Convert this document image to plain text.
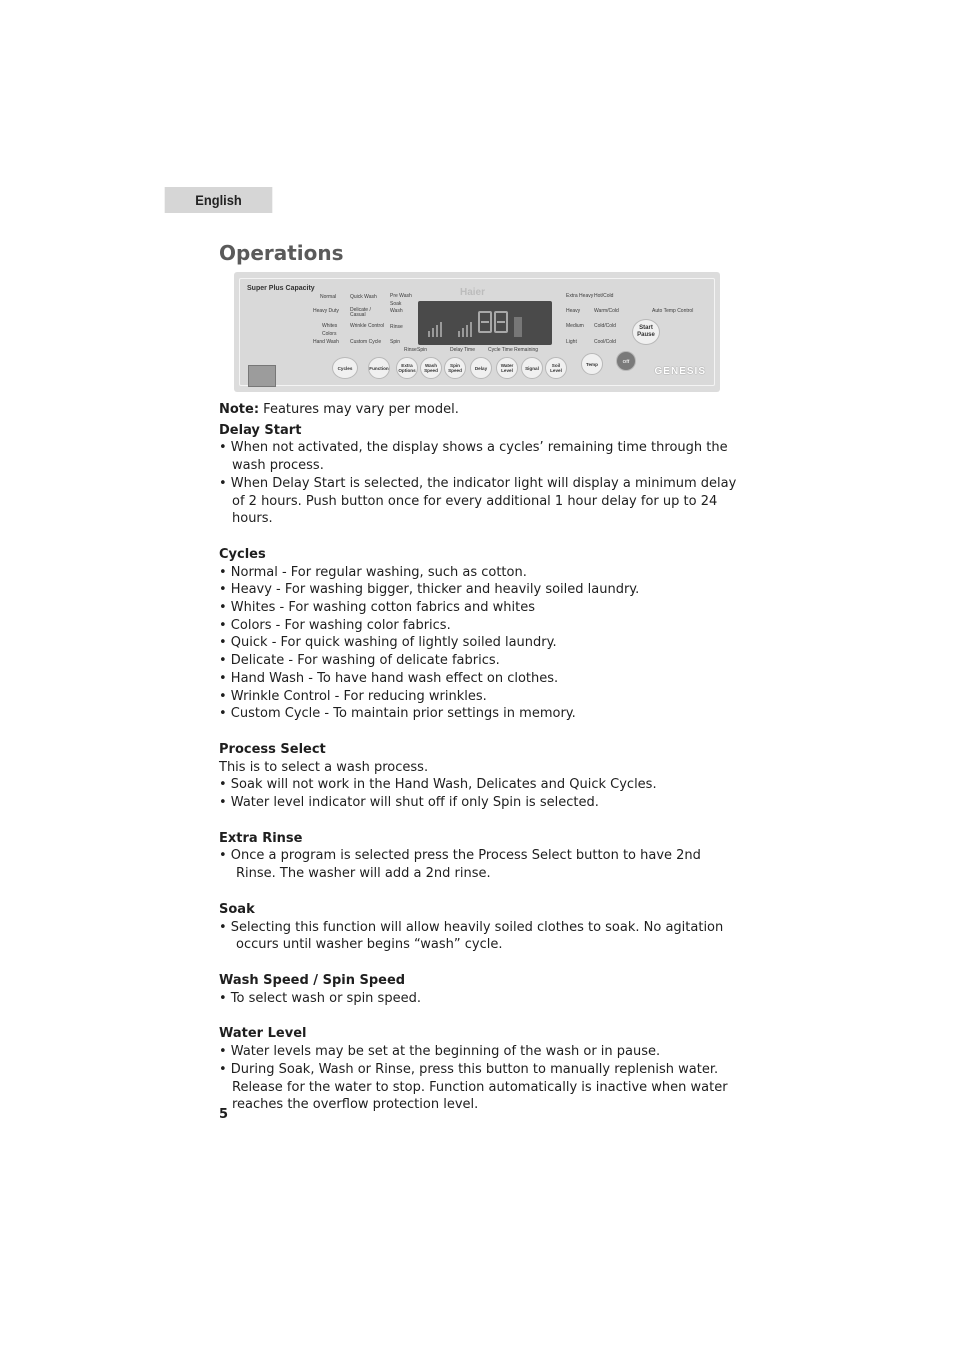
English
Operations
Super Plus Capacity
Normal
Heavy Duty
Whites
Colors
Hand Wash
Quick Wash
Delicate / Casual
Wrinkle Control
Custom Cycle
Pre Wash
Soak
Wash
Rinse
Spin
Rinse Spin
Haier
Delay Time	Cycle Time Remaining
Extra Heavy
Heavy
Medium
Light
Hot/Cold
Warm/Cold
Cold/Cold
Cool/Cold
Auto Temp Control
Start Pause
Cycles	Function	Extra Options
Wash Speed
Spin Speed	Delay	Water Level	Signal	Soil Level
Temp
Off
GENESIS

Note: Features may vary per model.

Delay Start

• When not activated, the display shows a cycles’ remaining time through the wash process.

• When Delay Start is selected, the indicator light will display a minimum delay of 2 hours. Push button once for every additional 1 hour delay for up to 24 hours.

Cycles

• Normal - For regular washing, such as cotton.

• Heavy - For washing bigger, thicker and heavily soiled laundry.

• Whites - For washing cotton fabrics and whites

• Colors - For washing color fabrics.

• Quick - For quick washing of lightly soiled laundry.

• Delicate - For washing of delicate fabrics.

• Hand Wash - To have hand wash effect on clothes.

• Wrinkle Control - For reducing wrinkles.

• Custom Cycle - To maintain prior settings in memory.

Process Select

This is to select a wash process.

• Soak will not work in the Hand Wash, Delicates and Quick Cycles.

• Water level indicator will shut off if only Spin is selected.

Extra Rinse

• Once a program is selected press the Process Select button to have 2nd Rinse. The washer will add a 2nd rinse.

Soak

• Selecting this function will allow heavily soiled clothes to soak. No agitation occurs until washer begins “wash” cycle.

Wash Speed / Spin Speed

• To select wash or spin speed.

Water Level

• Water levels may be set at the beginning of the wash or in pause.

• During Soak, Wash or Rinse, press this button to manually replenish water. Release for the water to stop. Function automatically is inactive when water reaches the overflow protection level.

5
